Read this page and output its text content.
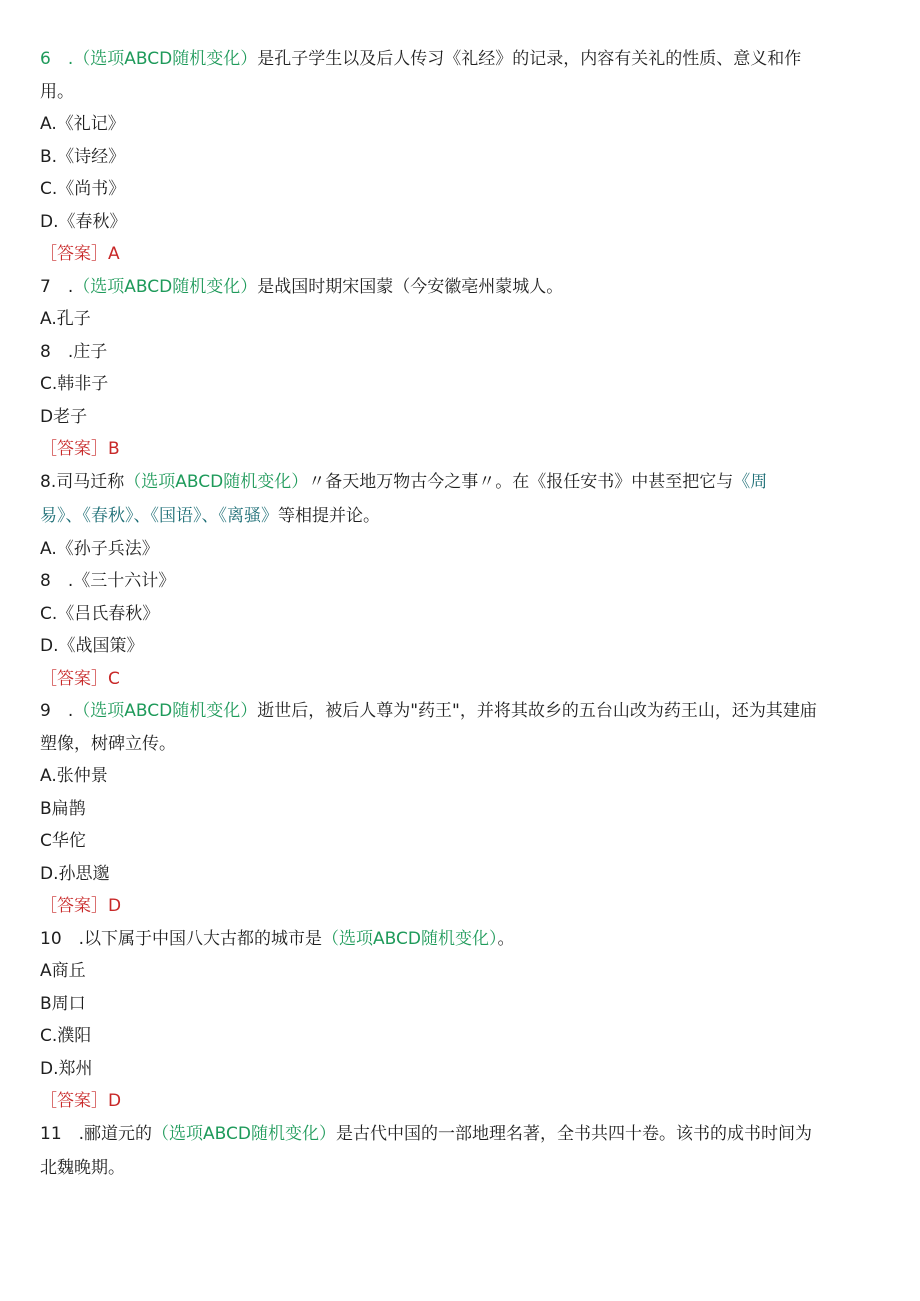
6　.（选项ABCD随机变化）是孔子学生以及后人传习《礼经》的记录，内容有关礼的性质、意义和作
用。
A.《礼记》
B.《诗经》
C.《尚书》
D.《春秋》
［答案］A
7　.（选项ABCD随机变化）是战国时期宋国蒙（今安徽亳州蒙城人。
A.孔子
8　.庄子
C.韩非子
D老子
［答案］B
8.司马迁称（选项ABCD随机变化）〃备天地万物古今之事〃。在《报任安书》中甚至把它与《周
易》、《春秋》、《国语》、《离骚》等相提并论。
A.《孙子兵法》
8　.《三十六计》
C.《吕氏春秋》
D.《战国策》
［答案］C
9　.（选项ABCD随机变化）逝世后，被后人尊为"药王"，并将其故乡的五台山改为药王山，还为其建庙
塑像，树碑立传。
A.张仲景
B扁鹊
C华佗
D.孙思邈
［答案］D
10　.以下属于中国八大古都的城市是（选项ABCD随机变化）。
A商丘
B周口
C.濮阳
D.郑州
［答案］D
11　.郦道元的（选项ABCD随机变化）是古代中国的一部地理名著，全书共四十卷。该书的成书时间为
北魏晚期。
